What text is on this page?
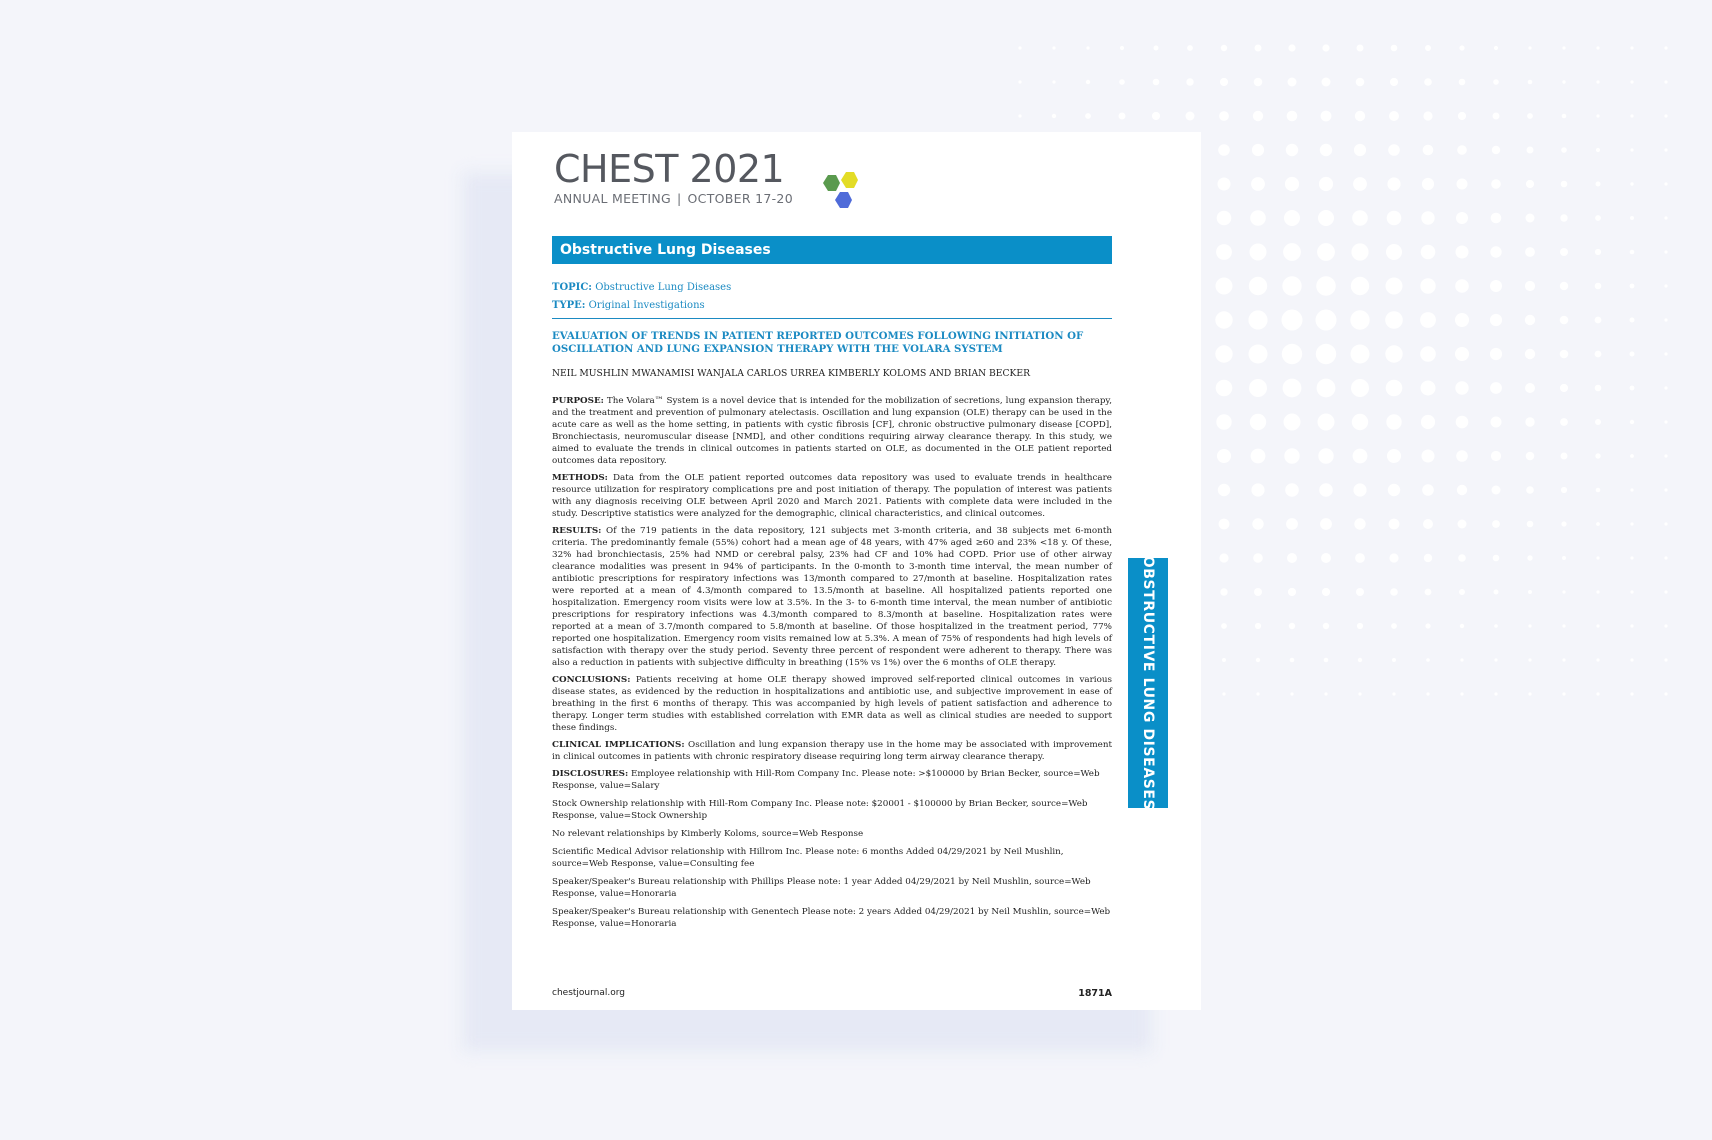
CHEST 2021
ANNUAL MEETING | OCTOBER 17-20
Obstructive Lung Diseases
TOPIC: Obstructive Lung Diseases
TYPE: Original Investigations
EVALUATION OF TRENDS IN PATIENT REPORTED OUTCOMES FOLLOWING INITIATION OF OSCILLATION AND LUNG EXPANSION THERAPY WITH THE VOLARA SYSTEM
NEIL MUSHLIN MWANAMISI WANJALA CARLOS URREA KIMBERLY KOLOMS AND BRIAN BECKER

PURPOSE: The Volara™ System is a novel device that is intended for the mobilization of secretions, lung expansion therapy, and the treatment and prevention of pulmonary atelectasis. Oscillation and lung expansion (OLE) therapy can be used in the acute care as well as the home setting, in patients with cystic fibrosis [CF], chronic obstructive pulmonary disease [COPD], Bronchiectasis, neuromuscular disease [NMD], and other conditions requiring airway clearance therapy. In this study, we aimed to evaluate the trends in clinical outcomes in patients started on OLE, as documented in the OLE patient reported outcomes data repository.

METHODS: Data from the OLE patient reported outcomes data repository was used to evaluate trends in healthcare resource utilization for respiratory complications pre and post initiation of therapy. The population of interest was patients with any diagnosis receiving OLE between April 2020 and March 2021. Patients with complete data were included in the study. Descriptive statistics were analyzed for the demographic, clinical characteristics, and clinical outcomes.

RESULTS: Of the 719 patients in the data repository, 121 subjects met 3-month criteria, and 38 subjects met 6-month criteria. The predominantly female (55%) cohort had a mean age of 48 years, with 47% aged ≥60 and 23% <18 y. Of these, 32% had bronchiectasis, 25% had NMD or cerebral palsy, 23% had CF and 10% had COPD. Prior use of other airway clearance modalities was present in 94% of participants. In the 0-month to 3-month time interval, the mean number of antibiotic prescriptions for respiratory infections was 13/month compared to 27/month at baseline. Hospitalization rates were reported at a mean of 4.3/month compared to 13.5/month at baseline. All hospitalized patients reported one hospitalization. Emergency room visits were low at 3.5%. In the 3- to 6-month time interval, the mean number of antibiotic prescriptions for respiratory infections was 4.3/month compared to 8.3/month at baseline. Hospitalization rates were reported at a mean of 3.7/month compared to 5.8/month at baseline. Of those hospitalized in the treatment period, 77% reported one hospitalization. Emergency room visits remained low at 5.3%. A mean of 75% of respondents had high levels of satisfaction with therapy over the study period. Seventy three percent of respondent were adherent to therapy. There was also a reduction in patients with subjective difficulty in breathing (15% vs 1%) over the 6 months of OLE therapy.

CONCLUSIONS: Patients receiving at home OLE therapy showed improved self-reported clinical outcomes in various disease states, as evidenced by the reduction in hospitalizations and antibiotic use, and subjective improvement in ease of breathing in the first 6 months of therapy. This was accompanied by high levels of patient satisfaction and adherence to therapy. Longer term studies with established correlation with EMR data as well as clinical studies are needed to support these findings.

CLINICAL IMPLICATIONS: Oscillation and lung expansion therapy use in the home may be associated with improvement in clinical outcomes in patients with chronic respiratory disease requiring long term airway clearance therapy.

DISCLOSURES: Employee relationship with Hill-Rom Company Inc. Please note: >$100000 by Brian Becker, source=Web Response, value=Salary

Stock Ownership relationship with Hill-Rom Company Inc. Please note: $20001 - $100000 by Brian Becker, source=Web Response, value=Stock Ownership

No relevant relationships by Kimberly Koloms, source=Web Response

Scientific Medical Advisor relationship with Hillrom Inc. Please note: 6 months Added 04/29/2021 by Neil Mushlin, source=Web Response, value=Consulting fee

Speaker/Speaker's Bureau relationship with Phillips Please note: 1 year Added 04/29/2021 by Neil Mushlin, source=Web Response, value=Honoraria

Speaker/Speaker's Bureau relationship with Genentech Please note: 2 years Added 04/29/2021 by Neil Mushlin, source=Web Response, value=Honoraria

chestjournal.org	1871A
OBSTRUCTIVE LUNG DISEASES
